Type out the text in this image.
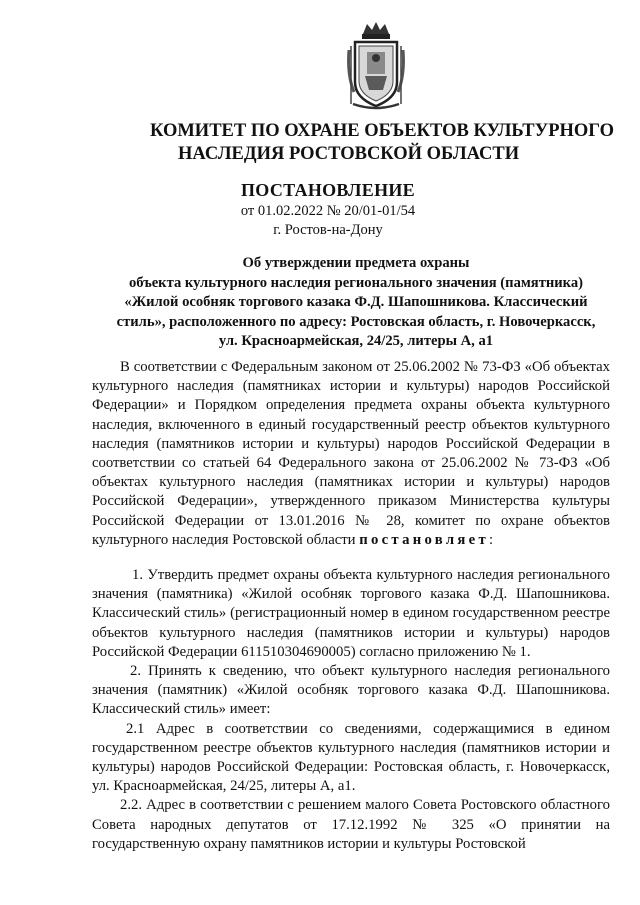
КОМИТЕТ ПО ОХРАНЕ ОБЪЕКТОВ КУЛЬТУРНОГО
НАСЛЕДИЯ РОСТОВСКОЙ ОБЛАСТИ
ПОСТАНОВЛЕНИЕ
от 01.02.2022 № 20/01-01/54
г. Ростов-на-Дону
Об утверждении предмета охраны
объекта культурного наследия регионального значения (памятника)
«Жилой особняк торгового казака Ф.Д. Шапошникова. Классический
стиль», расположенного по адресу: Ростовская область, г. Новочеркасск,
ул. Красноармейская, 24/25, литеры А, а1

В соответствии с Федеральным законом от 25.06.2002 № 73-ФЗ «Об объектах культурного наследия (памятниках истории и культуры) народов Российской Федерации» и Порядком определения предмета охраны объекта культурного наследия, включенного в единый государственный реестр объектов культурного наследия (памятников истории и культуры) народов Российской Федерации в соответствии со статьей 64 Федерального закона от 25.06.2002 № 73-ФЗ «Об объектах культурного наследия (памятниках истории и культуры) народов Российской Федерации», утвержденного приказом Министерства культуры Российской Федерации от 13.01.2016 № 28, комитет по охране объектов культурного наследия Ростовской области постановляет:

1. Утвердить предмет охраны объекта культурного наследия регионального значения (памятника) «Жилой особняк торгового казака Ф.Д. Шапошникова. Классический стиль» (регистрационный номер в едином государственном реестре объектов культурного наследия (памятников истории и культуры) народов Российской Федерации 611510304690005) согласно приложению № 1.

2. Принять к сведению, что объект культурного наследия регионального значения (памятник) «Жилой особняк торгового казака Ф.Д. Шапошникова. Классический стиль» имеет:

2.1 Адрес в соответствии со сведениями, содержащимися в едином государственном реестре объектов культурного наследия (памятников истории и культуры) народов Российской Федерации: Ростовская область, г. Новочеркасск, ул. Красноармейская, 24/25, литеры А, а1.

2.2. Адрес в соответствии с решением малого Совета Ростовского областного Совета народных депутатов от 17.12.1992 № 325 «О принятии на государственную охрану памятников истории и культуры Ростовской
